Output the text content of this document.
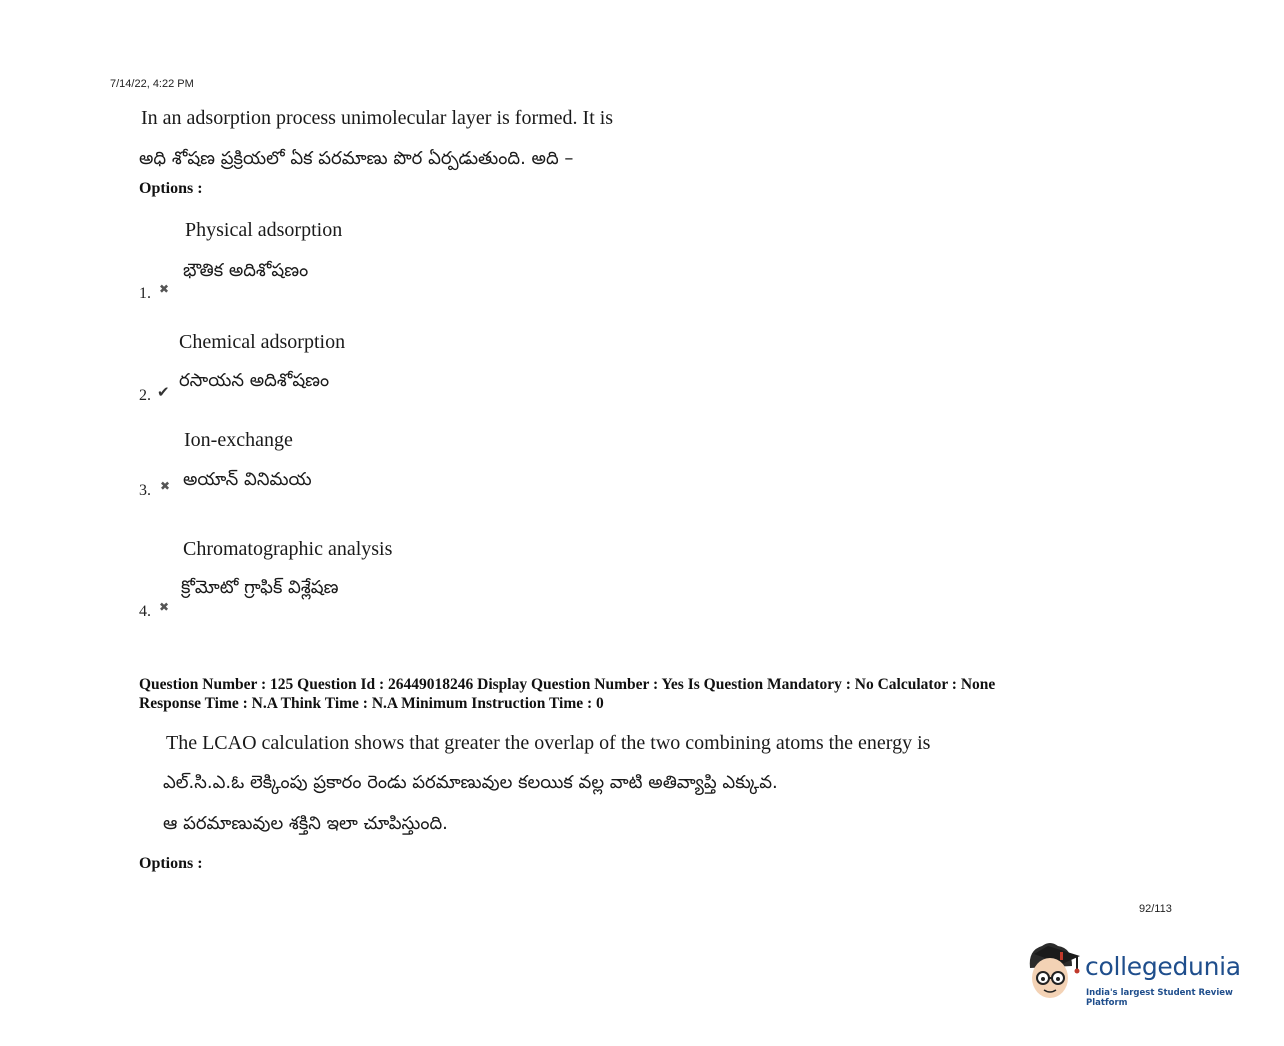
7/14/22, 4:22 PM
In an adsorption process unimolecular layer is formed. It is
అధి శోషణ ప్రక్రియలో ఏక పరమాణు పొర ఏర్పడుతుంది. అది –
Options :
Physical adsorption
భౌతిక అదిశోషణం
1. ✖
Chemical adsorption
రసాయన అదిశోషణం
2. ✔
Ion-exchange
అయాన్ వినిమయ
3. ✖
Chromatographic analysis
క్రోమోటో గ్రాఫిక్ విశ్లేషణ
4. ✖
Question Number : 125 Question Id : 26449018246 Display Question Number : Yes Is Question Mandatory : No Calculator : None
Response Time : N.A Think Time : N.A Minimum Instruction Time : 0
The LCAO calculation shows that greater the overlap of the two combining atoms the energy is
ఎల్.సి.ఎ.ఓ లెక్కింపు ప్రకారం రెండు పరమాణువుల కలయిక వల్ల వాటి అతివ్యాప్తి ఎక్కువ.
ఆ పరమాణువుల శక్తిని ఇలా చూపిస్తుంది.
Options :
92/113
collegedunia
India's largest Student Review Platform
